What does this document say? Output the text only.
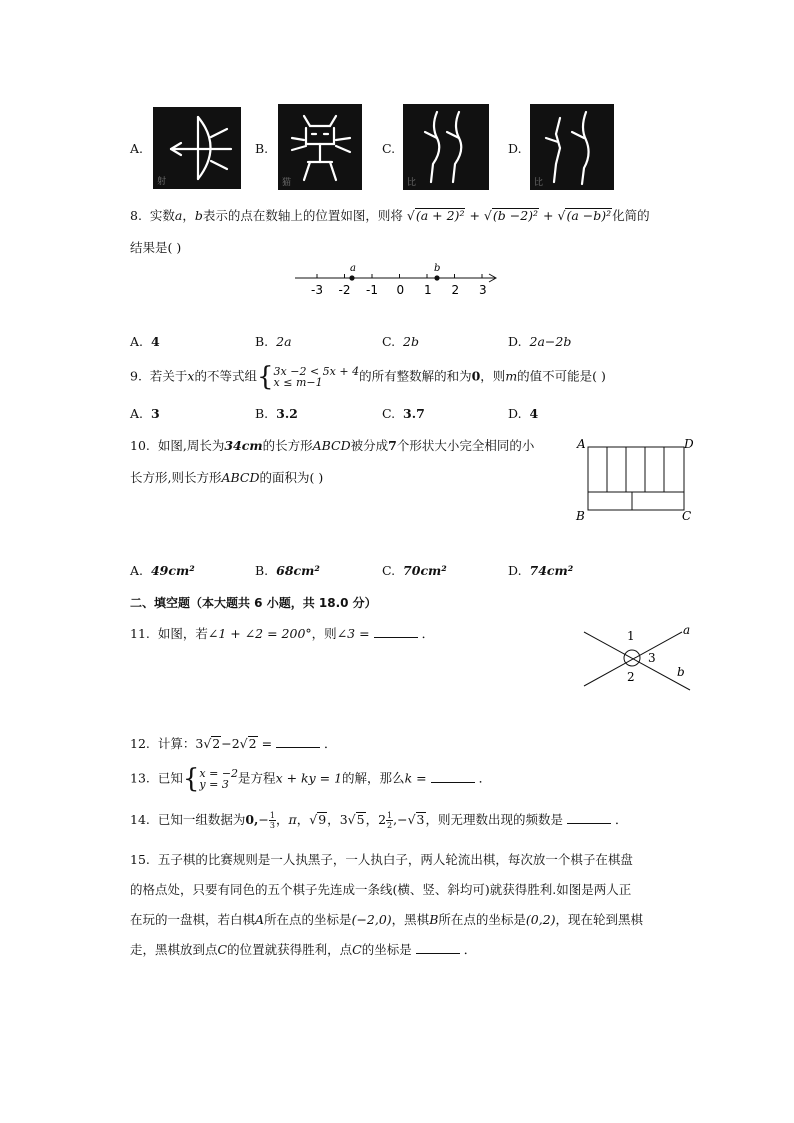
A.
射
B.
猫
C.
比
D.
比
8. 实数a，b表示的点在数轴上的位置如图，则将 √(a + 2)² + √(b −2)² + √(a −b)²化简的
结果是( )
-3 -2 -1 0 1 2 3
a	b
A. 4	B. 2a	C. 2b	D. 2a−2b
9. 若关于x的不等式组{ 3x −2 < 5x + 4
x ≤ m−1	的所有整数解的和为0，则m的值不可能是( )
A. 3	B. 3.2	C. 3.7	D. 4
10. 如图,周长为34cm的长方形ABCD被分成7个形状大小完全相同的小
长方形,则长方形ABCD的面积为( )
A	D
B	C
A. 49cm²	B. 68cm²	C. 70cm²	D. 74cm²
二、填空题（本大题共 6 小题，共 18.0 分）
11. 如图，若∠1 + ∠2 = 200°，则∠3 =	．	1
2
3
a
b
12. 计算：3√2−2√2 =	．
13. 已知{ x = −2
y = 3 是方程x + ky = 1的解，那么k =	．
14. 已知一组数据为$0,- \frac{1}{3}$ ，π，√9，3√5，$2 \frac{1}{2} ,-√3$，则无理数出现的频数是	．
15. 五子棋的比赛规则是一人执黑子，一人执白子，两人轮流出棋，每次放一个棋子在棋盘
的格点处，只要有同色的五个棋子先连成一条线(横、竖、斜均可)就获得胜利.如图是两人正
在玩的一盘棋，若白棋A所在点的坐标是(−2,0)，黑棋B所在点的坐标是(0,2)，现在轮到黑棋
走，黑棋放到点C的位置就获得胜利，点C的坐标是	．
